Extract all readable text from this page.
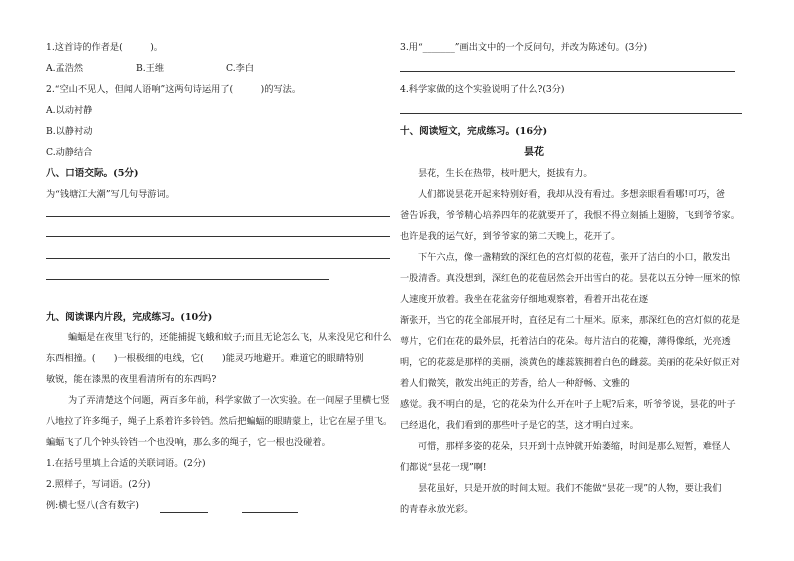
1.这首诗的作者是(　　　)。
A.孟浩然	B.王维	C.李白
2.“空山不见人，但闻人语响”这两句诗运用了(　　　)的写法。
A.以动衬静
B.以静衬动
C.动静结合
八、口语交际。(5分)
为“钱塘江大潮”写几句导游词。
九、阅读课内片段，完成练习。(10分)
蝙蝠是在夜里飞行的，还能捕捉飞蛾和蚊子;而且无论怎么飞，从来没见它和什么
东西相撞。(　　)一根极细的电线，它(　　)能灵巧地避开。难道它的眼睛特别
敏锐，能在漆黑的夜里看清所有的东西吗?
为了弄清楚这个问题，两百多年前，科学家做了一次实验。在一间屋子里横七竖
八地拉了许多绳子，绳子上系着许多铃铛。然后把蝙蝠的眼睛蒙上，让它在屋子里飞。
蝙蝠飞了几个钟头铃铛一个也没响，那么多的绳子，它一根也没碰着。
1.在括号里填上合适的关联词语。(2分)
2.照样子，写词语。(2分)
例:横七竖八(含有数字)
3.用“_______”画出文中的一个反问句，并改为陈述句。(3分)
4.科学家做的这个实验说明了什么?(3分)
十、阅读短文，完成练习。(16分)
昙花
昙花，生长在热带，枝叶肥大，挺拔有力。
人们都说昙花开起来特别好看，我却从没有看过。多想亲眼看看哪!可巧，爸
爸告诉我，爷爷精心培养四年的花就要开了，我恨不得立刻插上翅膀，飞到爷爷家。
也许是我的运气好，到爷爷家的第二天晚上，花开了。
下午六点，像一盏精致的深红色的宫灯似的花苞，张开了洁白的小口，散发出
一股清香。真没想到，深红色的花苞居然会开出雪白的花。昙花以五分钟一厘米的惊
人速度开放着。我坐在花盆旁仔细地观察着，看着开出花在逐
渐张开，当它的花全部展开时，直径足有二十厘米。原来，那深红色的宫灯似的花是
萼片，它们在花的最外层，托着洁白的花朵。每片洁白的花瓣，薄得像纸，光亮透
明，它的花蕊是那样的美丽，淡黄色的雄蕊簇拥着白色的雌蕊。美丽的花朵好似正对
着人们微笑，散发出纯正的芳香，给人一种舒畅、文雅的
感觉。我不明白的是，它的花朵为什么开在叶子上呢?后来，听爷爷说，昙花的叶子
已经退化，我们看到的那些叶子是它的茎，这才明白过来。
可惜，那样多姿的花朵，只开到十点钟就开始萎缩，时间是那么短暂，难怪人
们都说“昙花一现”啊!
昙花虽好，只是开放的时间太短。我们不能做“昙花一现”的人物，要让我们
的青春永放光彩。
